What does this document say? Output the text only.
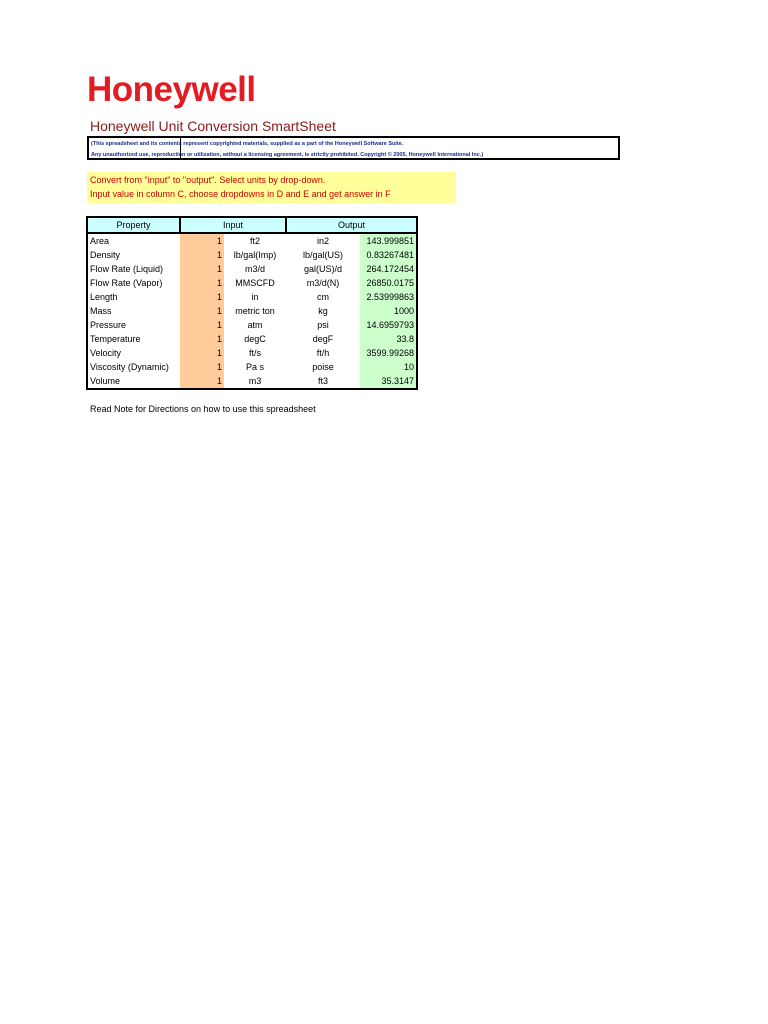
Honeywell
Honeywell Unit Conversion SmartSheet
(This spreadsheet and its contents represent copyrighted materials, supplied as a part of the Honeywell Software Suite.
Any unauthorized use, reproduction or utilization, without a licensing agreement, is strictly prohibited. Copyright © 2005, Honeywell International Inc.)
Convert from "input" to "output". Select units by drop-down.
Input value in column C, choose dropdowns in D and E and get answer in F
Property	Input		Output	
Area	1	ft2	in2	143.999851
Density	1	lb/gal(Imp)	lb/gal(US)	0.83267481
Flow Rate (Liquid)	1	m3/d	gal(US)/d	264.172454
Flow Rate (Vapor)	1	MMSCFD	m3/d(N)	26850.0175
Length	1	in	cm	2.53999863
Mass	1	metric ton	kg	1000
Pressure	1	atm	psi	14.6959793
Temperature	1	degC	degF	33.8
Velocity	1	ft/s	ft/h	3599.99268
Viscosity (Dynamic)	1	Pa s	poise	10
Volume	1	m3	ft3	35.3147
Read Note for Directions on how to use this spreadsheet
